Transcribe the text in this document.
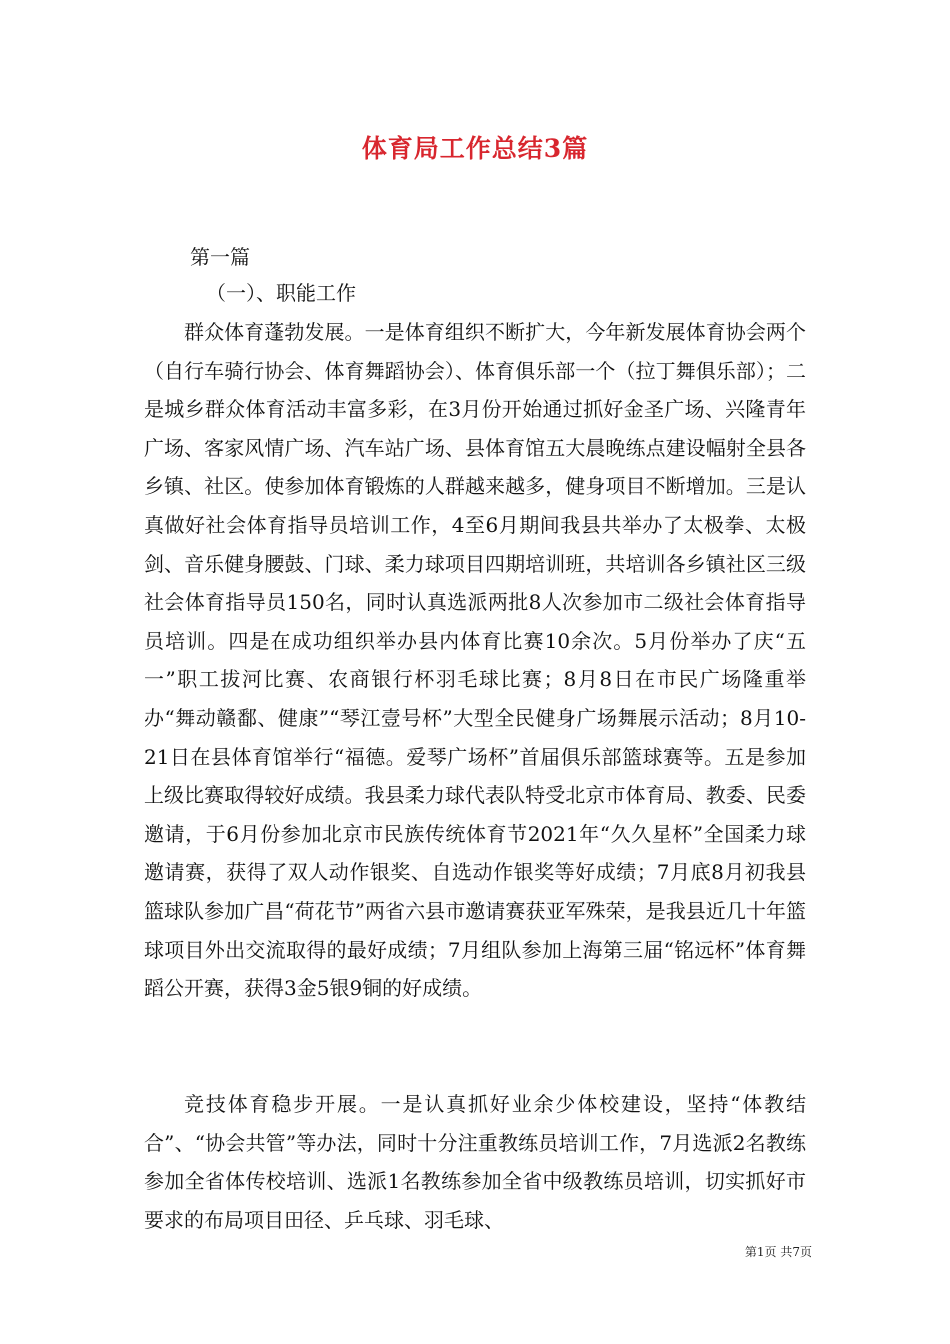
体育局工作总结3篇
第一篇
（一）、职能工作

群众体育蓬勃发展。一是体育组织不断扩大，今年新发展体育协会两个（自行车骑行协会、体育舞蹈协会）、体育俱乐部一个（拉丁舞俱乐部）；二是城乡群众体育活动丰富多彩，在3月份开始通过抓好金圣广场、兴隆青年广场、客家风情广场、汽车站广场、县体育馆五大晨晚练点建设幅射全县各乡镇、社区。使参加体育锻炼的人群越来越多，健身项目不断增加。三是认真做好社会体育指导员培训工作，4至6月期间我县共举办了太极拳、太极剑、音乐健身腰鼓、门球、柔力球项目四期培训班，共培训各乡镇社区三级社会体育指导员150名，同时认真选派两批8人次参加市二级社会体育指导员培训。四是在成功组织举办县内体育比赛10余次。5月份举办了庆“五一”职工拔河比赛、农商银行杯羽毛球比赛；8月8日在市民广场隆重举办“舞动赣鄱、健康”“琴江壹号杯”大型全民健身广场舞展示活动；8月10-21日在县体育馆举行“福德。爱琴广场杯”首届俱乐部篮球赛等。五是参加上级比赛取得较好成绩。我县柔力球代表队特受北京市体育局、教委、民委邀请，于6月份参加北京市民族传统体育节2021年“久久星杯”全国柔力球邀请赛，获得了双人动作银奖、自选动作银奖等好成绩；7月底8月初我县篮球队参加广昌“荷花节”两省六县市邀请赛获亚军殊荣，是我县近几十年篮球项目外出交流取得的最好成绩；7月组队参加上海第三届“铭远杯”体育舞蹈公开赛，获得3金5银9铜的好成绩。

竞技体育稳步开展。一是认真抓好业余少体校建设，坚持“体教结合”、“协会共管”等办法，同时十分注重教练员培训工作，7月选派2名教练参加全省体传校培训、选派1名教练参加全省中级教练员培训，切实抓好市要求的布局项目田径、乒乓球、羽毛球、

第1页 共7页
